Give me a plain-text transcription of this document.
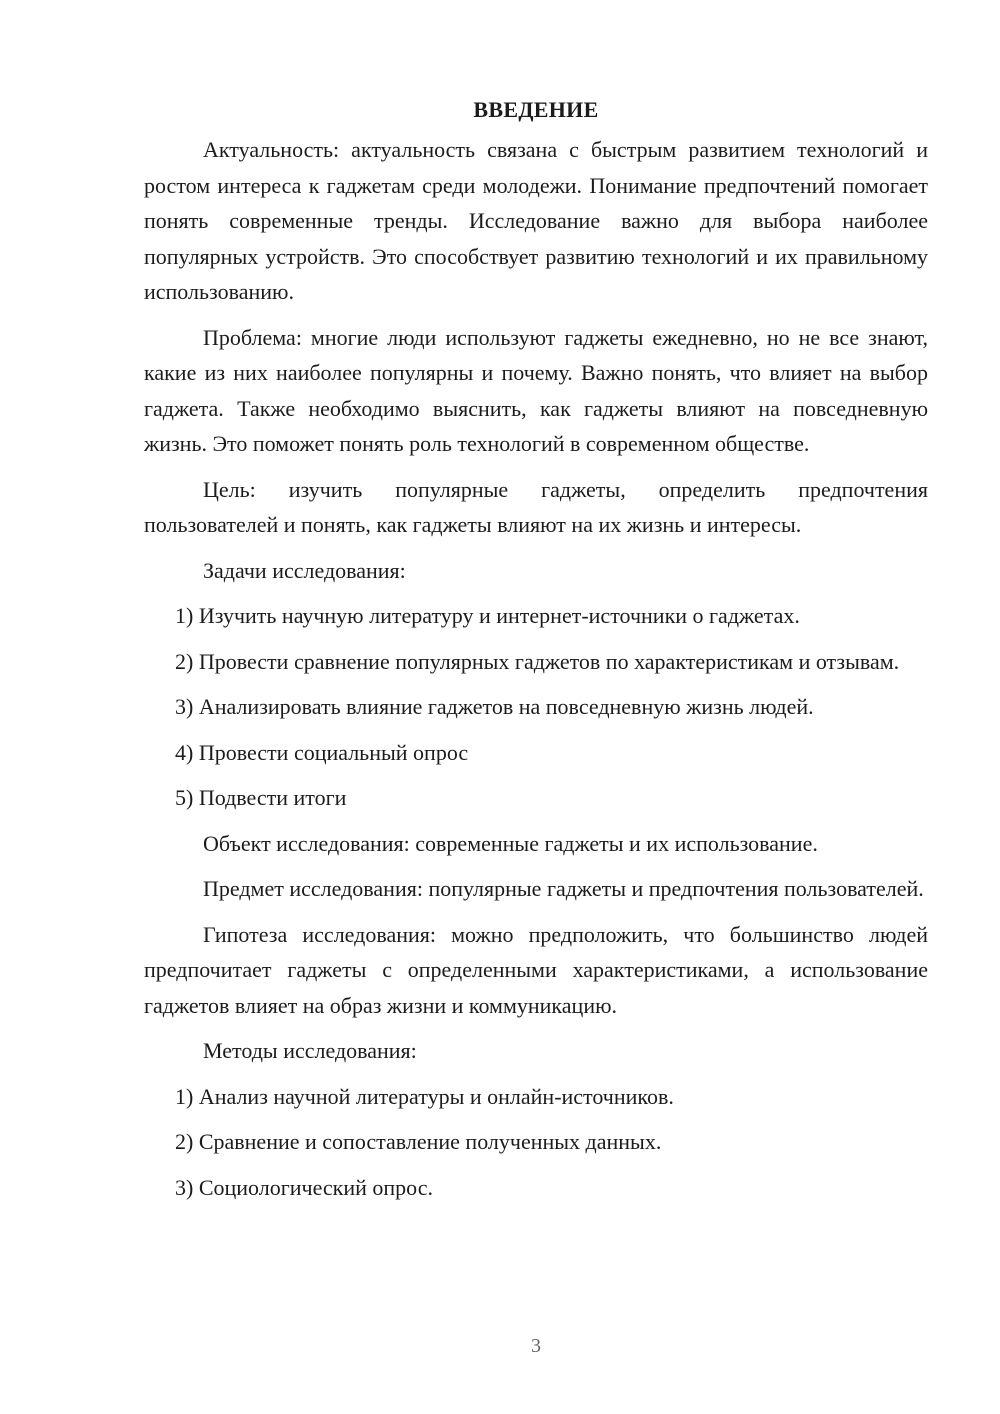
ВВЕДЕНИЕ

Актуальность: актуальность связана с быстрым развитием технологий и ростом интереса к гаджетам среди молодежи. Понимание предпочтений помогает понять современные тренды. Исследование важно для выбора наиболее популярных устройств. Это способствует развитию технологий и их правильному использованию.

Проблема: многие люди используют гаджеты ежедневно, но не все знают, какие из них наиболее популярны и почему. Важно понять, что влияет на выбор гаджета. Также необходимо выяснить, как гаджеты влияют на повседневную жизнь. Это поможет понять роль технологий в современном обществе.

Цель: изучить популярные гаджеты, определить предпочтения пользователей и понять, как гаджеты влияют на их жизнь и интересы.

Задачи исследования:

1) Изучить научную литературу и интернет-источники о гаджетах.

2) Провести сравнение популярных гаджетов по характеристикам и отзывам.

3) Анализировать влияние гаджетов на повседневную жизнь людей.

4) Провести социальный опрос

5) Подвести итоги

Объект исследования: современные гаджеты и их использование.

Предмет исследования: популярные гаджеты и предпочтения пользователей.

Гипотеза исследования: можно предположить, что большинство людей предпочитает гаджеты с определенными характеристиками, а использование гаджетов влияет на образ жизни и коммуникацию.

Методы исследования:

1) Анализ научной литературы и онлайн-источников.

2) Сравнение и сопоставление полученных данных.

3) Социологический опрос.

3
